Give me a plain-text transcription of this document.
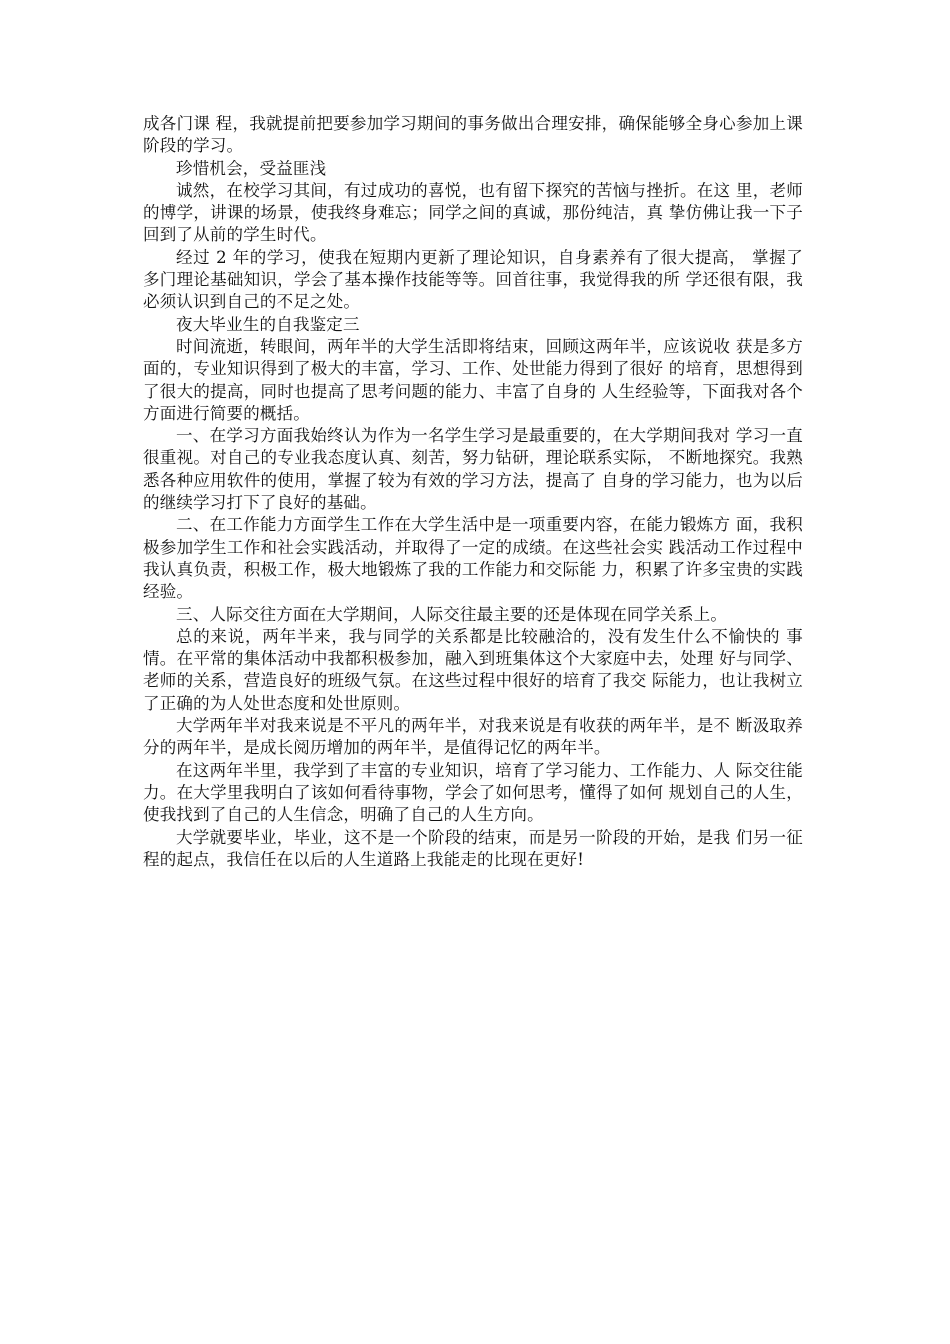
成各门课 程，我就提前把要参加学习期间的事务做出合理安排，确保能够全身心参加上课 阶段的学习。

珍惜机会，受益匪浅

诚然，在校学习其间，有过成功的喜悦，也有留下探究的苦恼与挫折。在这 里，老师的博学，讲课的场景，使我终身难忘；同学之间的真诚，那份纯洁，真 挚仿佛让我一下子回到了从前的学生时代。

经过 2 年的学习，使我在短期内更新了理论知识，自身素养有了很大提高， 掌握了多门理论基础知识，学会了基本操作技能等等。回首往事，我觉得我的所 学还很有限，我必须认识到自己的不足之处。

夜大毕业生的自我鉴定三

时间流逝，转眼间，两年半的大学生活即将结束，回顾这两年半，应该说收 获是多方面的，专业知识得到了极大的丰富，学习、工作、处世能力得到了很好 的培育，思想得到了很大的提高，同时也提高了思考问题的能力、丰富了自身的 人生经验等，下面我对各个方面进行简要的概括。

一、在学习方面我始终认为作为一名学生学习是最重要的，在大学期间我对 学习一直很重视。对自己的专业我态度认真、刻苦，努力钻研，理论联系实际， 不断地探究。我熟悉各种应用软件的使用，掌握了较为有效的学习方法，提高了 自身的学习能力，也为以后的继续学习打下了良好的基础。

二、在工作能力方面学生工作在大学生活中是一项重要内容，在能力锻炼方 面，我积极参加学生工作和社会实践活动，并取得了一定的成绩。在这些社会实 践活动工作过程中我认真负责，积极工作，极大地锻炼了我的工作能力和交际能 力，积累了许多宝贵的实践经验。

三、人际交往方面在大学期间，人际交往最主要的还是体现在同学关系上。

总的来说，两年半来，我与同学的关系都是比较融洽的，没有发生什么不愉快的 事情。在平常的集体活动中我都积极参加，融入到班集体这个大家庭中去，处理 好与同学、老师的关系，营造良好的班级气氛。在这些过程中很好的培育了我交 际能力，也让我树立了正确的为人处世态度和处世原则。

大学两年半对我来说是不平凡的两年半，对我来说是有收获的两年半，是不 断汲取养分的两年半，是成长阅历增加的两年半，是值得记忆的两年半。

在这两年半里，我学到了丰富的专业知识，培育了学习能力、工作能力、人 际交往能力。在大学里我明白了该如何看待事物，学会了如何思考，懂得了如何 规划自己的人生，使我找到了自己的人生信念，明确了自己的人生方向。

大学就要毕业，毕业，这不是一个阶段的结束，而是另一阶段的开始，是我 们另一征程的起点，我信任在以后的人生道路上我能走的比现在更好!
